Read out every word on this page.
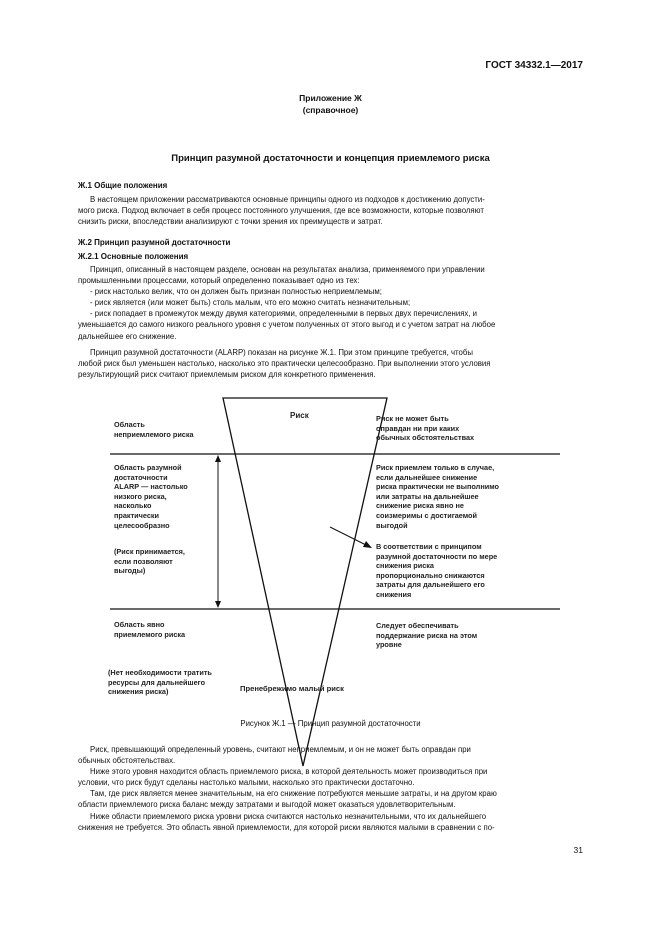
ГОСТ 34332.1—2017
Приложение Ж
(справочное)
Принцип разумной достаточности и концепция приемлемого риска
Ж.1 Общие положения
В настоящем приложении рассматриваются основные принципы одного из подходов к достижению допусти-
мого риска. Подход включает в себя процесс постоянного улучшения, где все возможности, которые позволяют
снизить риски, впоследствии анализируют с точки зрения их преимуществ и затрат.
Ж.2 Принцип разумной достаточности
Ж.2.1 Основные положения
Принцип, описанный в настоящем разделе, основан на результатах анализа, применяемого при управлении
промышленными процессами, который определенно показывает одно из тех:
- риск настолько велик, что он должен быть признан полностью неприемлемым;
- риск является (или может быть) столь малым, что его можно считать незначительным;
- риск попадает в промежуток между двумя категориями, определенными в первых двух перечислениях, и
уменьшается до самого низкого реального уровня с учетом полученных от этого выгод и с учетом затрат на любое
дальнейшее его снижение.
Принцип разумной достаточности (ALARP) показан на рисунке Ж.1. При этом принципе требуется, чтобы
любой риск был уменьшен настолько, насколько это практически целесообразно. При выполнении этого условия
результирующий риск считают приемлемым риском для конкретного применения.
Риск
Область
неприемлемого риска
Область разумной
достаточности
ALARP — настолько
низкого риска,
насколько
практически
целесообразно
(Риск принимается,
если позволяют
выгоды)
Область явно
приемлемого риска
(Нет необходимости тратить
ресурсы для дальнейшего
снижения риска)
Риск не может быть
оправдан ни при каких
обычных обстоятельствах
Риск приемлем только в случае,
если дальнейшее снижение
риска практически не выполнимо
или затраты на дальнейшее
снижение риска явно не
соизмеримы с достигаемой
выгодой
В соответствии с принципом
разумной достаточности по мере
снижения риска
пропорционально снижаются
затраты для дальнейшего его
снижения
Следует обеспечивать
поддержание риска на этом
уровне
Пренебрежимо малый риск
Рисунок Ж.1 — Принцип разумной достаточности
Риск, превышающий определенный уровень, считают неприемлемым, и он не может быть оправдан при
обычных обстоятельствах.
Ниже этого уровня находится область приемлемого риска, в которой деятельность может производиться при
условии, что риск будут сделаны настолько малыми, насколько это практически достаточно.
Там, где риск является менее значительным, на его снижение потребуются меньшие затраты, и на другом краю
области приемлемого риска баланс между затратами и выгодой может оказаться удовлетворительным.
Ниже области приемлемого риска уровни риска считаются настолько незначительными, что их дальнейшего
снижения не требуется. Это область явной приемлемости, для которой риски являются малыми в сравнении с по-
31
